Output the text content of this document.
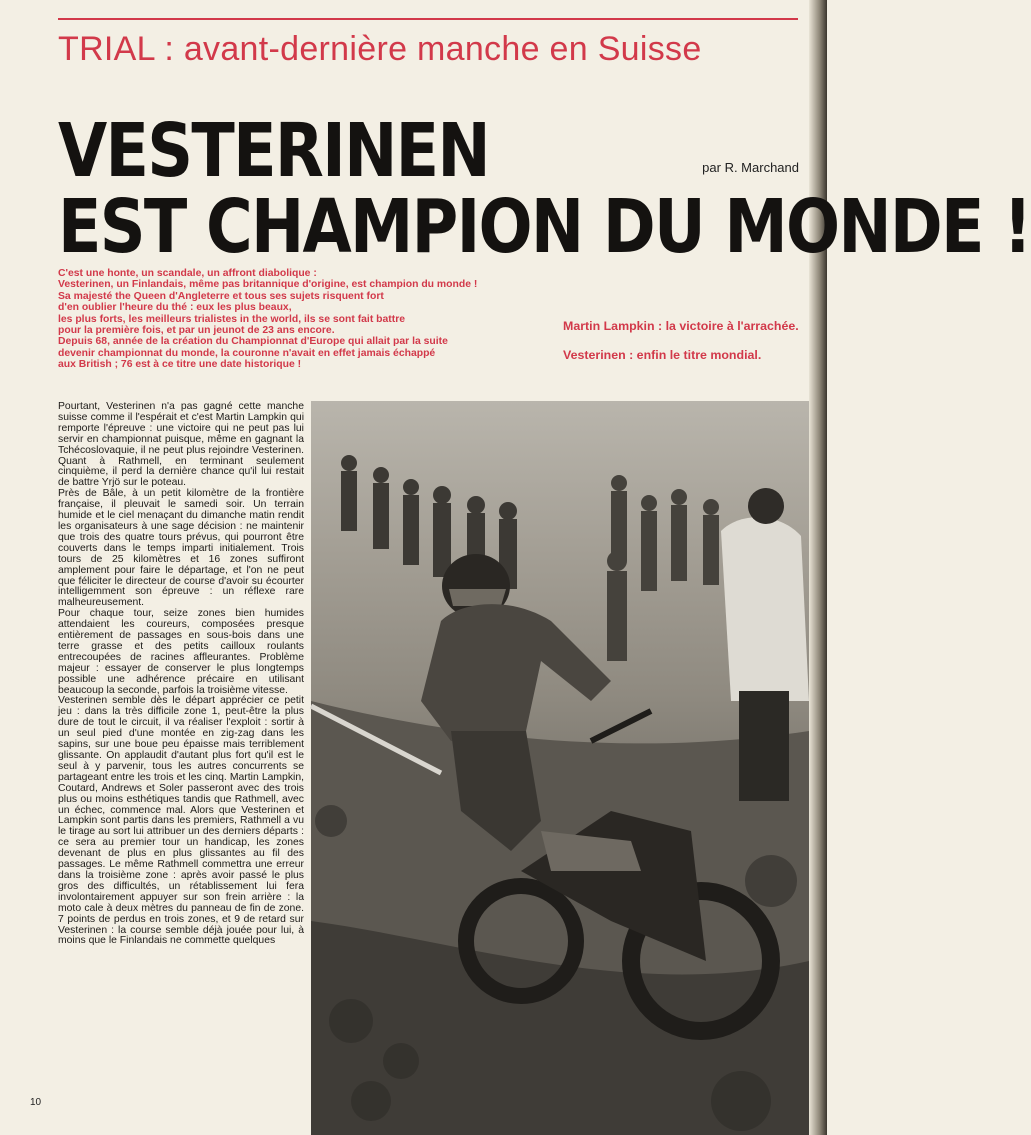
TRIAL : avant-dernière manche en Suisse
VESTERINEN
EST CHAMPION DU MONDE !
par R. Marchand

C'est une honte, un scandale, un affront diabolique :

Vesterinen, un Finlandais, même pas britannique d'origine, est champion du monde !

Sa majesté the Queen d'Angleterre et tous ses sujets risquent fort

d'en oublier l'heure du thé : eux les plus beaux,

les plus forts, les meilleurs trialistes in the world, ils se sont fait battre

pour la première fois, et par un jeunot de 23 ans encore.

Depuis 68, année de la création du Championnat d'Europe qui allait par la suite

devenir championnat du monde, la couronne n'avait en effet jamais échappé

aux British ; 76 est à ce titre une date historique !

Martin Lampkin : la victoire à l'arrachée.

Vesterinen : enfin le titre mondial.

Pourtant, Vesterinen n'a pas gagné cette manche suisse comme il l'espérait et c'est Martin Lampkin qui remporte l'épreuve : une victoire qui ne peut pas lui servir en championnat puisque, même en gagnant la Tchécoslovaquie, il ne peut plus rejoindre Vesterinen. Quant à Rathmell, en terminant seulement cinquième, il perd la dernière chance qu'il lui restait de battre Yrjö sur le poteau.

Près de Bâle, à un petit kilomètre de la frontière française, il pleuvait le samedi soir. Un terrain humide et le ciel menaçant du dimanche matin rendit les organisateurs à une sage décision : ne maintenir que trois des quatre tours prévus, qui pourront être couverts dans le temps imparti initialement. Trois tours de 25 kilomètres et 16 zones suffiront amplement pour faire le départage, et l'on ne peut que féliciter le directeur de course d'avoir su écourter intelligemment son épreuve : un réflexe rare malheureusement.

Pour chaque tour, seize zones bien humides attendaient les coureurs, composées presque entièrement de passages en sous-bois dans une terre grasse et des petits cailloux roulants entrecoupées de racines affleurantes. Problème majeur : essayer de conserver le plus longtemps possible une adhérence précaire en utilisant beaucoup la seconde, parfois la troisième vitesse.

Vesterinen semble dès le départ apprécier ce petit jeu : dans la très difficile zone 1, peut-être la plus dure de tout le circuit, il va réaliser l'exploit : sortir à un seul pied d'une montée en zig-zag dans les sapins, sur une boue peu épaisse mais terriblement glissante. On applaudit d'autant plus fort qu'il est le seul à y parvenir, tous les autres concurrents se partageant entre les trois et les cinq. Martin Lampkin, Coutard, Andrews et Soler passeront avec des trois plus ou moins esthétiques tandis que Rathmell, avec un échec, commence mal. Alors que Vesterinen et Lampkin sont partis dans les premiers, Rathmell a vu le tirage au sort lui attribuer un des derniers départs : ce sera au premier tour un handicap, les zones devenant de plus en plus glissantes au fil des passages. Le même Rathmell commettra une erreur dans la troisième zone : après avoir passé le plus gros des difficultés, un rétablissement lui fera involontairement appuyer sur son frein arrière : la moto cale à deux mètres du panneau de fin de zone. 7 points de perdus en trois zones, et 9 de retard sur Vesterinen : la course semble déjà jouée pour lui, à moins que le Finlandais ne commette quelques

10
